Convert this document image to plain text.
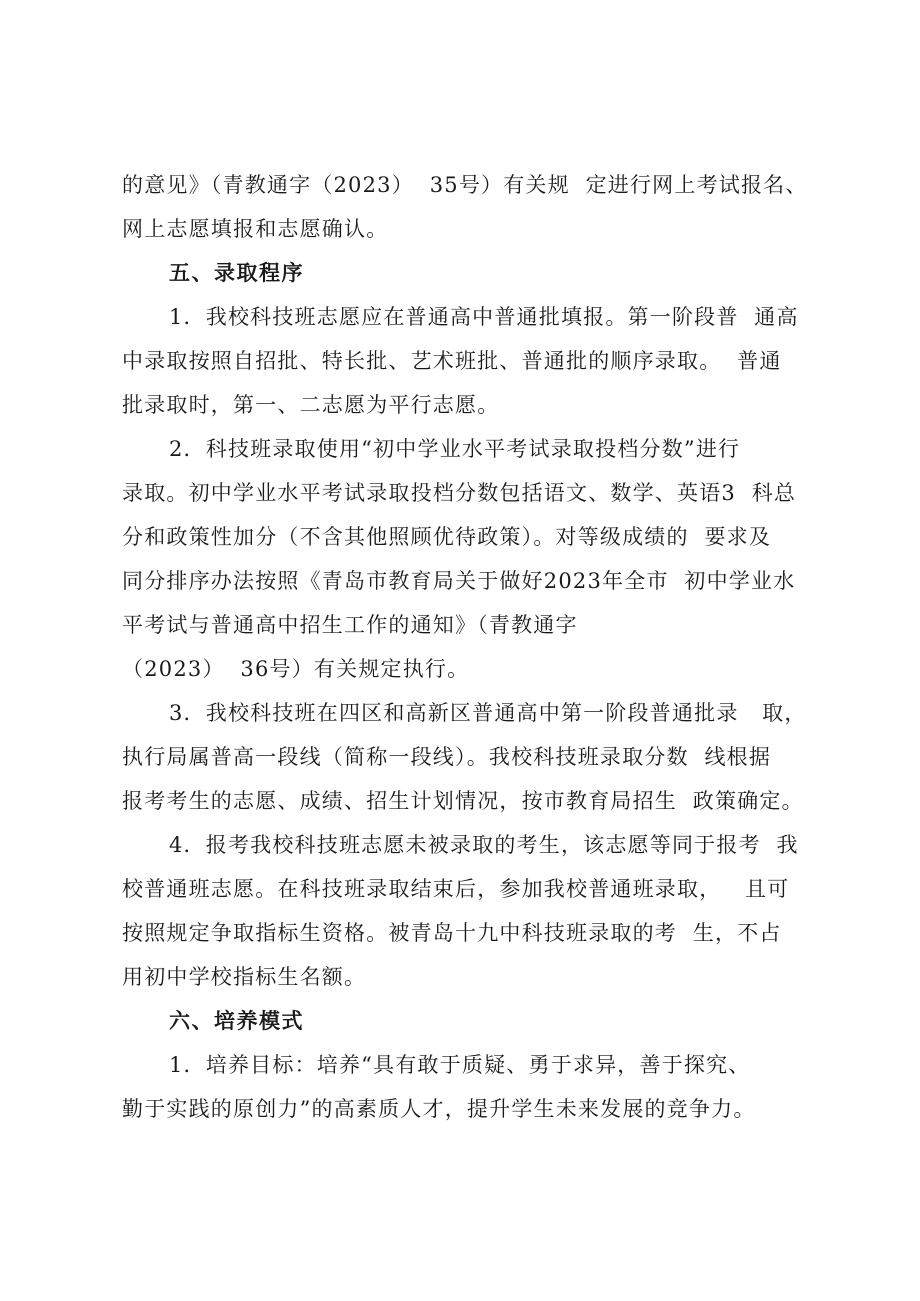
的意见》（青教通字（2023）  35号）有关规  定进行网上考试报名、
网上志愿填报和志愿确认。
五、录取程序
1．我校科技班志愿应在普通高中普通批填报。第一阶段普  通高
中录取按照自招批、特长批、艺术班批、普通批的顺序录取。  普通
批录取时，第一、二志愿为平行志愿。
2．科技班录取使用“初中学业水平考试录取投档分数”进行
录取。初中学业水平考试录取投档分数包括语文、数学、英语3  科总
分和政策性加分（不含其他照顾优待政策）。对等级成绩的  要求及
同分排序办法按照《青岛市教育局关于做好2023年全市  初中学业水
平考试与普通高中招生工作的通知》（青教通字
（2023）  36号）有关规定执行。
3．我校科技班在四区和高新区普通高中第一阶段普通批录   取，
执行局属普高一段线（简称一段线）。我校科技班录取分数  线根据
报考考生的志愿、成绩、招生计划情况，按市教育局招生  政策确定。
4．报考我校科技班志愿未被录取的考生，该志愿等同于报考  我
校普通班志愿。在科技班录取结束后，参加我校普通班录取，   且可
按照规定争取指标生资格。被青岛十九中科技班录取的考  生，不占
用初中学校指标生名额。
六、培养模式
1．培养目标：培养“具有敢于质疑、勇于求异，善于探究、
勤于实践的原创力”的高素质人才，提升学生未来发展的竞争力。
